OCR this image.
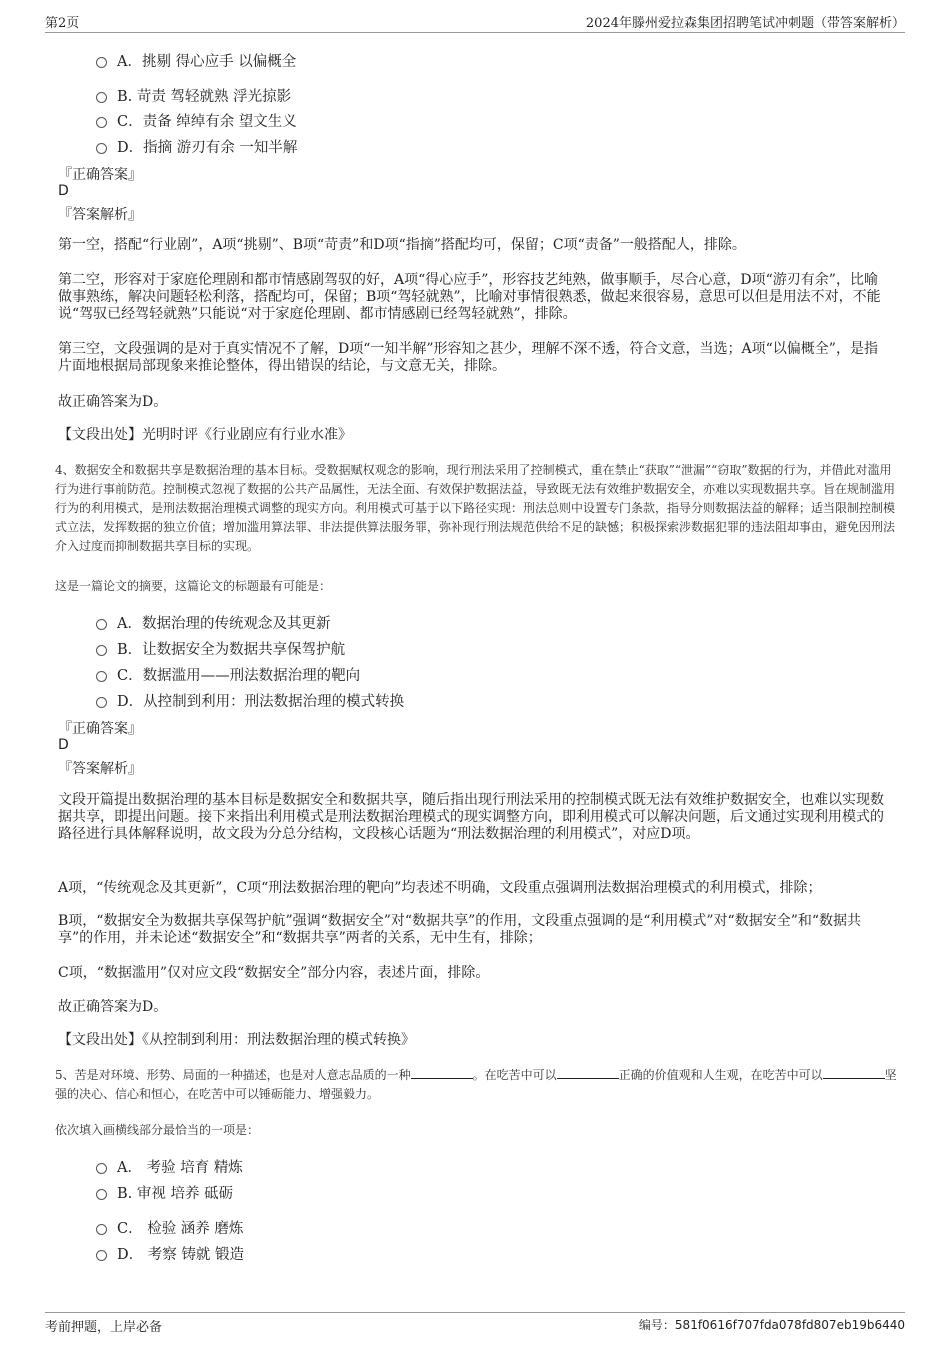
第2页	2024年滕州爱拉森集团招聘笔试冲刺题（带答案解析）
A．挑剔 得心应手 以偏概全
B. 苛责 驾轻就熟 浮光掠影
C．责备 绰绰有余 望文生义
D．指摘 游刃有余 一知半解
『正确答案』
D
『答案解析』
第一空，搭配“行业剧”，A项“挑剔”、B项“苛责”和D项“指摘”搭配均可，保留；C项“责备”一般搭配人，排除。
第二空，形容对于家庭伦理剧和都市情感剧驾驭的好，A项“得心应手”，形容技艺纯熟，做事顺手，尽合心意，D项“游刃有余”，比喻做事熟练，解决问题轻松利落，搭配均可，保留；B项“驾轻就熟”，比喻对事情很熟悉，做起来很容易，意思可以但是用法不对，不能说“驾驭已经驾轻就熟”只能说“对于家庭伦理剧、都市情感剧已经驾轻就熟”，排除。
第三空，文段强调的是对于真实情况不了解，D项“一知半解”形容知之甚少，理解不深不透，符合文意，当选；A项“以偏概全”，是指片面地根据局部现象来推论整体，得出错误的结论，与文意无关，排除。
故正确答案为D。
【文段出处】光明时评《行业剧应有行业水准》
4、数据安全和数据共享是数据治理的基本目标。受数据赋权观念的影响，现行刑法采用了控制模式，重在禁止“获取”“泄漏”“窃取”数据的行为，并借此对滥用行为进行事前防范。控制模式忽视了数据的公共产品属性，无法全面、有效保护数据法益，导致既无法有效维护数据安全，亦难以实现数据共享。旨在规制滥用行为的利用模式，是刑法数据治理模式调整的现实方向。利用模式可基于以下路径实现：刑法总则中设置专门条款，指导分则数据法益的解释；适当限制控制模式立法，发挥数据的独立价值；增加滥用算法罪、非法提供算法服务罪，弥补现行刑法规范供给不足的缺憾；积极探索涉数据犯罪的违法阻却事由，避免因刑法介入过度而抑制数据共享目标的实现。
这是一篇论文的摘要，这篇论文的标题最有可能是：
A．数据治理的传统观念及其更新
B．让数据安全为数据共享保驾护航
C．数据滥用——刑法数据治理的靶向
D．从控制到利用：刑法数据治理的模式转换
『正确答案』
D
『答案解析』
文段开篇提出数据治理的基本目标是数据安全和数据共享，随后指出现行刑法采用的控制模式既无法有效维护数据安全，也难以实现数据共享，即提出问题。接下来指出利用模式是刑法数据治理模式的现实调整方向，即利用模式可以解决问题，后文通过实现利用模式的路径进行具体解释说明，故文段为分总分结构，文段核心话题为“刑法数据治理的利用模式”，对应D项。
A项，“传统观念及其更新”，C项“刑法数据治理的靶向”均表述不明确，文段重点强调刑法数据治理模式的利用模式，排除；
B项，“数据安全为数据共享保驾护航”强调“数据安全”对“数据共享”的作用，文段重点强调的是“利用模式”对“数据安全”和“数据共享”的作用，并未论述“数据安全”和“数据共享”两者的关系，无中生有，排除；
C项，“数据滥用”仅对应文段“数据安全”部分内容，表述片面，排除。
故正确答案为D。
【文段出处】《从控制到利用：刑法数据治理的模式转换》
5、苦是对环境、形势、局面的一种描述，也是对人意志品质的一种	。在吃苦中可以	正确的价值观和人生观，在吃苦中可以	坚强的决心、信心和恒心，在吃苦中可以锤砺能力、增强毅力。
依次填入画横线部分最恰当的一项是：
A． 考验 培育 精炼
B. 审视 培养 砥砺
C． 检验 涵养 磨炼
D． 考察 铸就 锻造
考前押题，上岸必备	编号：581f0616f707fda078fd807eb19b6440
